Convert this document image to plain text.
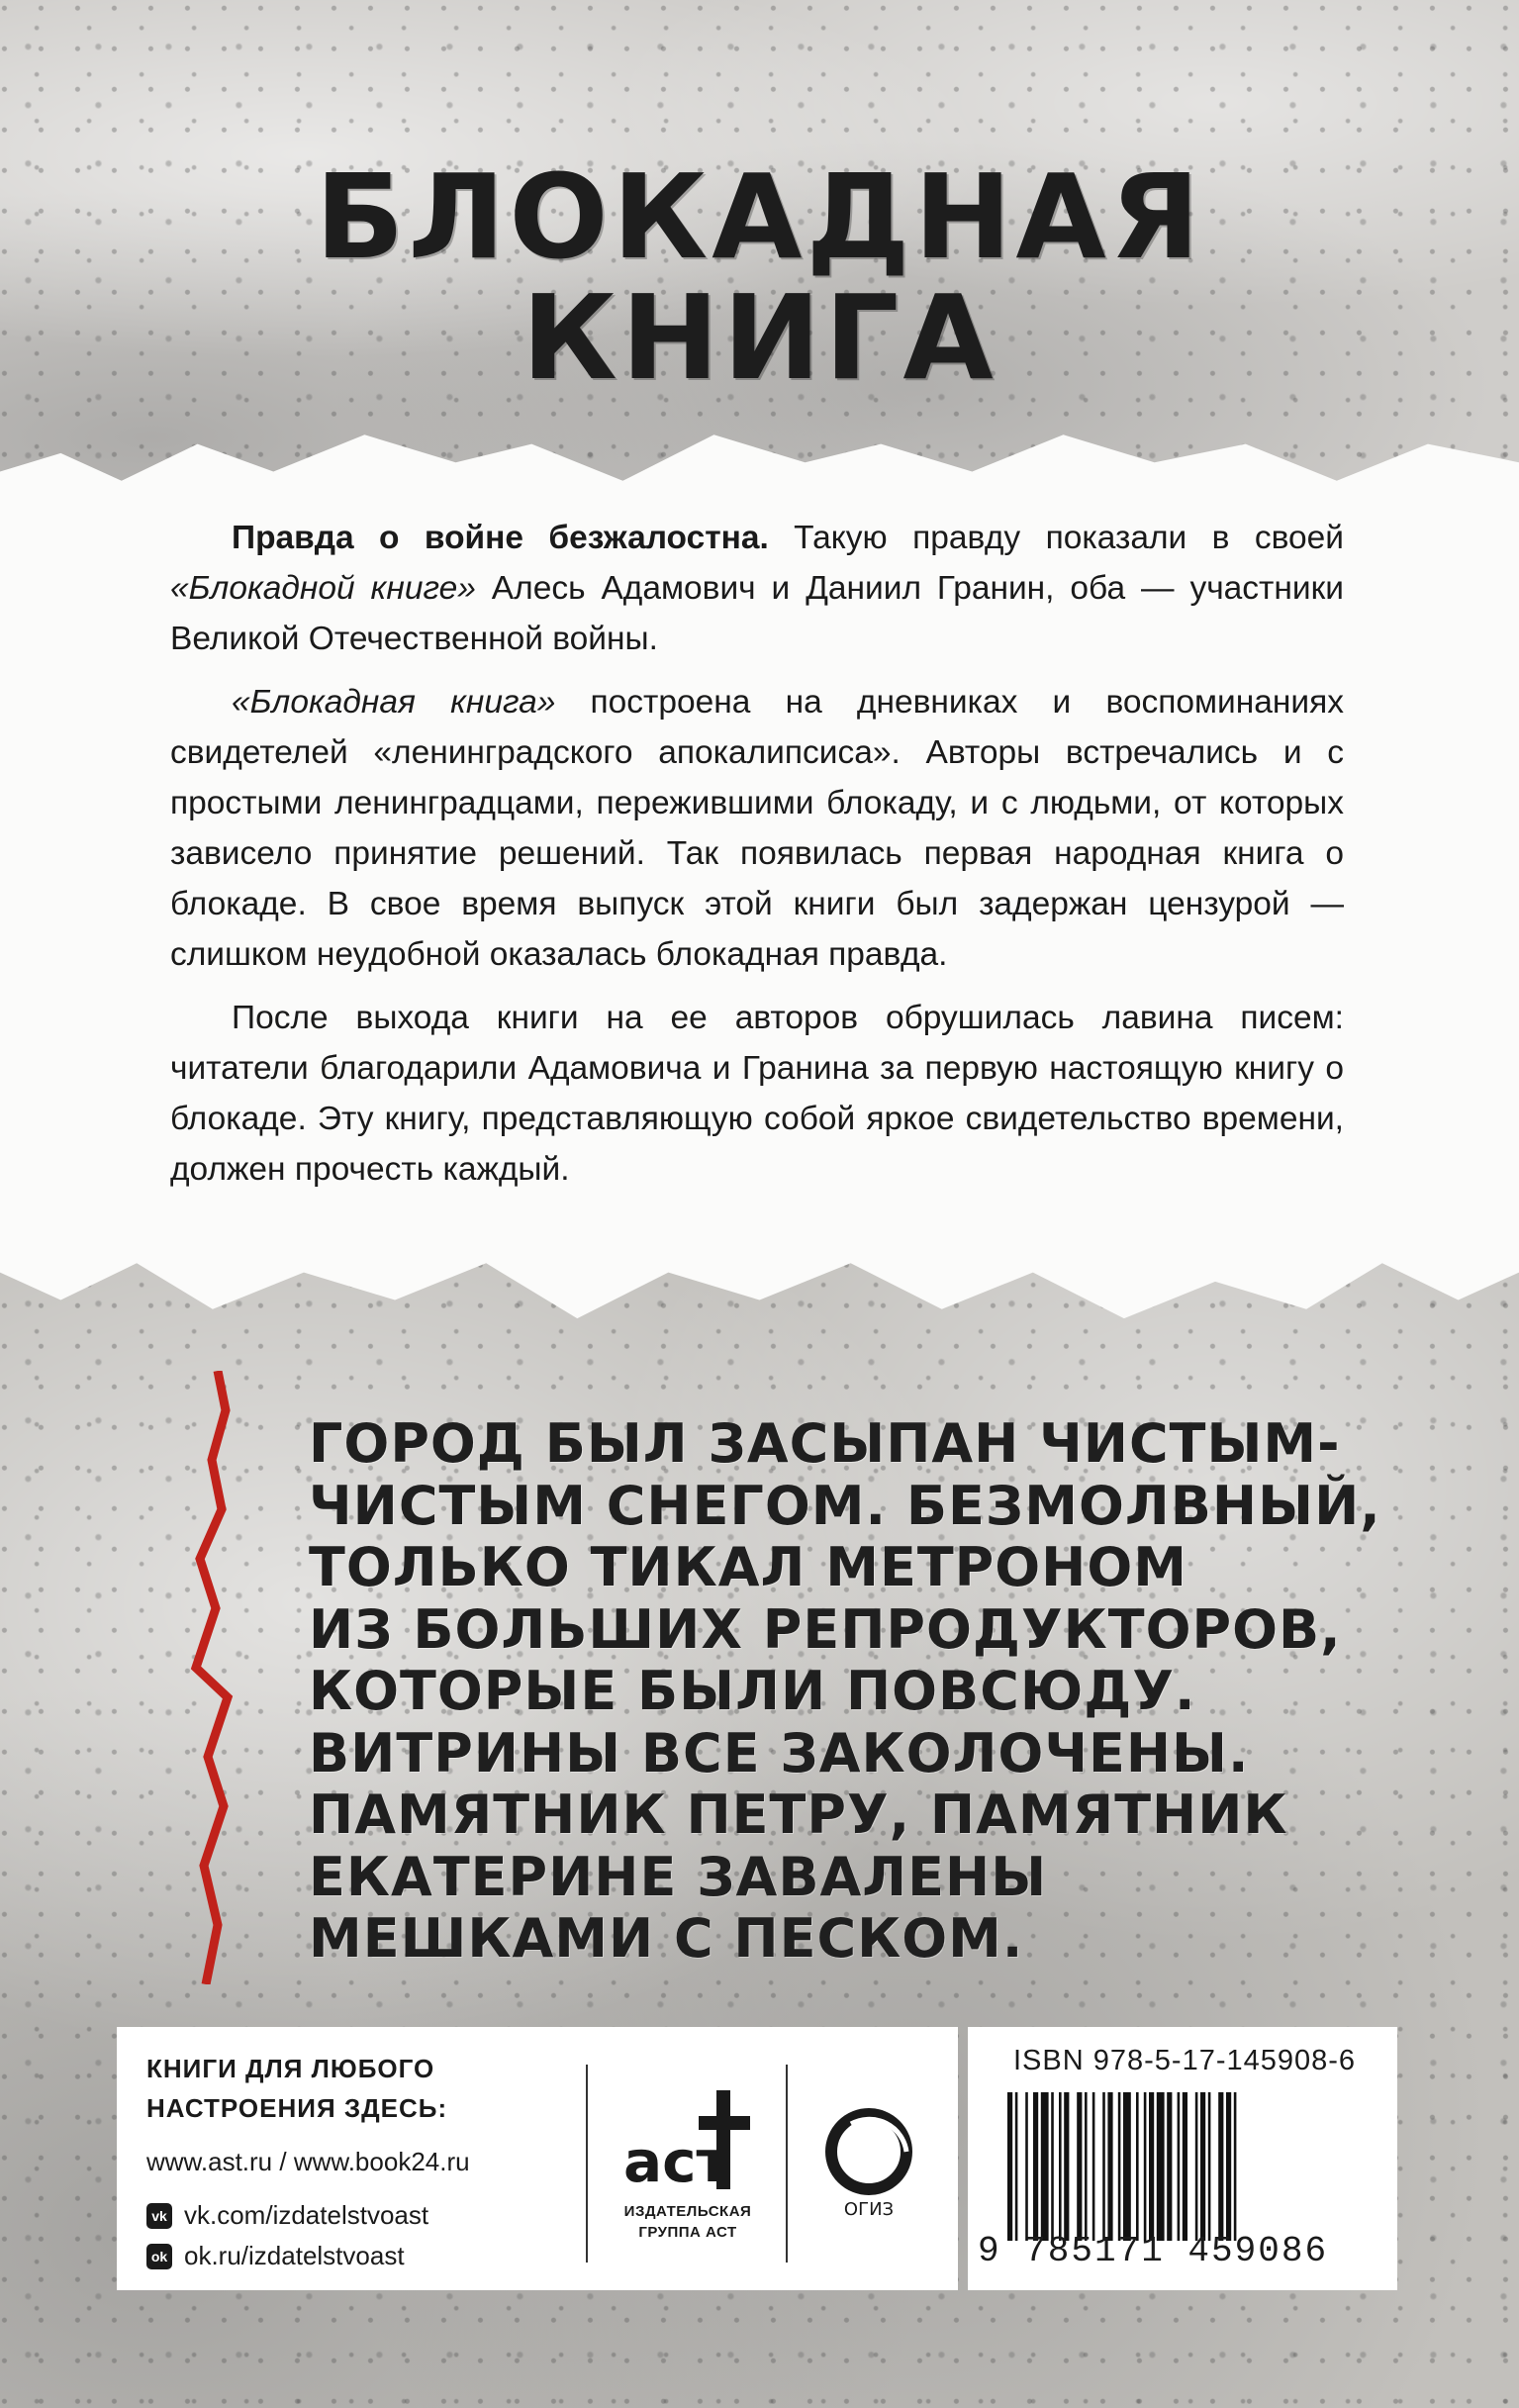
БЛОКАДНАЯ
КНИГА

Правда о войне безжалостна. Такую правду показали в своей «Блокадной книге» Алесь Адамович и Даниил Гранин, оба — участники Великой Отечественной войны.

«Блокадная книга» построена на дневниках и воспоминаниях свидетелей «ленинградского апокалипсиса». Авторы встречались и с простыми ленинградцами, пережившими блокаду, и с людьми, от которых зависело принятие решений. Так появилась первая народная книга о блокаде. В свое время выпуск этой книги был задержан цензурой — слишком неудобной оказалась блокадная правда.

После выхода книги на ее авторов обрушилась лавина писем: читатели благодарили Адамовича и Гранина за первую настоящую книгу о блокаде. Эту книгу, представляющую собой яркое свидетельство времени, должен прочесть каждый.

ГОРОД БЫЛ ЗАСЫПАН ЧИСТЫМ-
ЧИСТЫМ СНЕГОМ. БЕЗМОЛВНЫЙ,
ТОЛЬКО ТИКАЛ МЕТРОНОМ
ИЗ БОЛЬШИХ РЕПРОДУКТОРОВ,
КОТОРЫЕ БЫЛИ ПОВСЮДУ.
ВИТРИНЫ ВСЕ ЗАКОЛОЧЕНЫ.
ПАМЯТНИК ПЕТРУ, ПАМЯТНИК
ЕКАТЕРИНЕ ЗАВАЛЕНЫ
МЕШКАМИ С ПЕСКОМ.
КНИГИ ДЛЯ ЛЮБОГО
НАСТРОЕНИЯ ЗДЕСЬ:
www.ast.ru / www.book24.ru
vk vk.com/izdatelstvoast
ok ok.ru/izdatelstvoast
аст
ИЗДАТЕЛЬСКАЯ
ГРУППА АСТ
ОГИЗ
ISBN 978-5-17-145908-6
9 785171 459086
